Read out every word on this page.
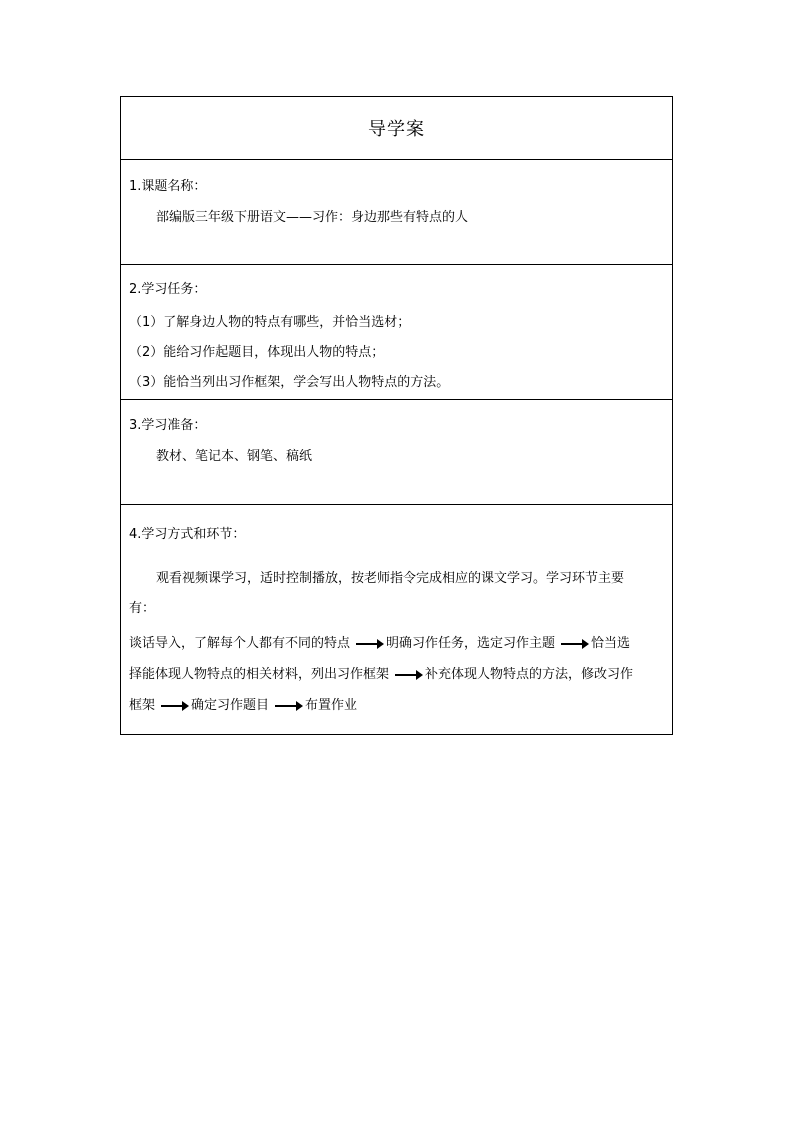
导学案
1.课题名称：
部编版三年级下册语文——习作：身边那些有特点的人
2.学习任务：
（1）了解身边人物的特点有哪些，并恰当选材；
（2）能给习作起题目，体现出人物的特点；
（3）能恰当列出习作框架，学会写出人物特点的方法。
3.学习准备：
教材、笔记本、钢笔、稿纸
4.学习方式和环节：
观看视频课学习，适时控制播放，按老师指令完成相应的课文学习。学习环节主要
有：
谈话导入，了解每个人都有不同的特点	明确习作任务，选定习作主题	恰当选
择能体现人物特点的相关材料，列出习作框架	补充体现人物特点的方法，修改习作
框架	确定习作题目	布置作业
